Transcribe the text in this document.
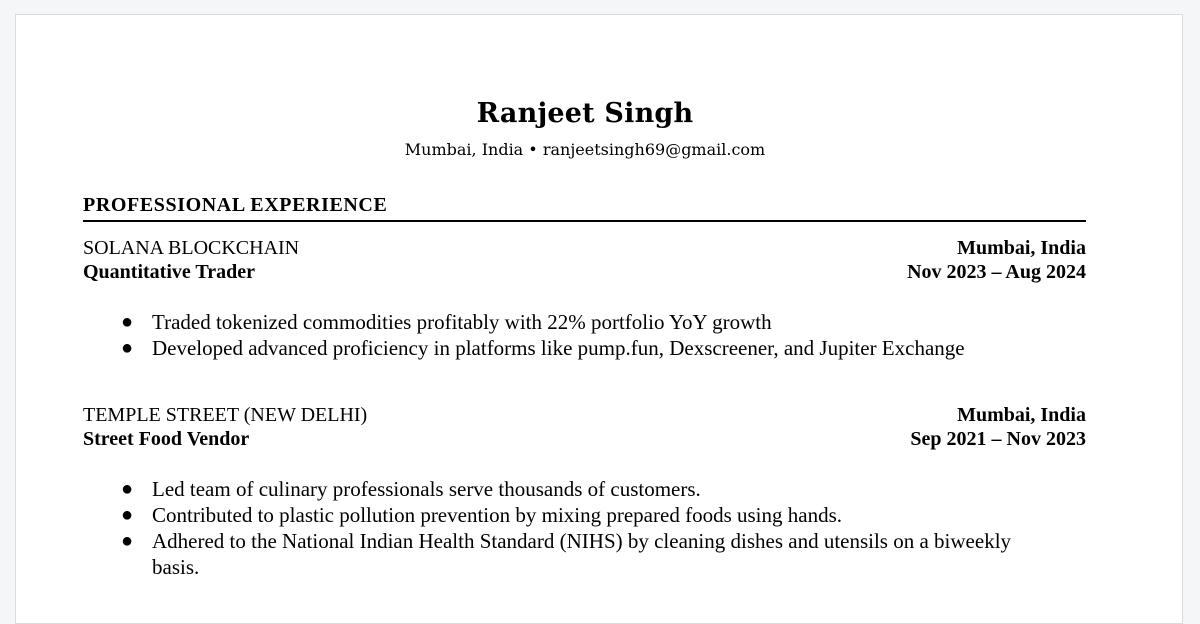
Ranjeet Singh
Mumbai, India • ranjeetsingh69@gmail.com
PROFESSIONAL EXPERIENCE
SOLANA BLOCKCHAIN	Mumbai, India
Quantitative Trader	Nov 2023 – Aug 2024
● Traded tokenized commodities profitably with 22% portfolio YoY growth
● Developed advanced proficiency in platforms like pump.fun, Dexscreener, and Jupiter Exchange
TEMPLE STREET (NEW DELHI)	Mumbai, India
Street Food Vendor	Sep 2021 – Nov 2023
● Led team of culinary professionals serve thousands of customers.
● Contributed to plastic pollution prevention by mixing prepared foods using hands.
● Adhered to the National Indian Health Standard (NIHS) by cleaning dishes and utensils on a biweekly basis.
